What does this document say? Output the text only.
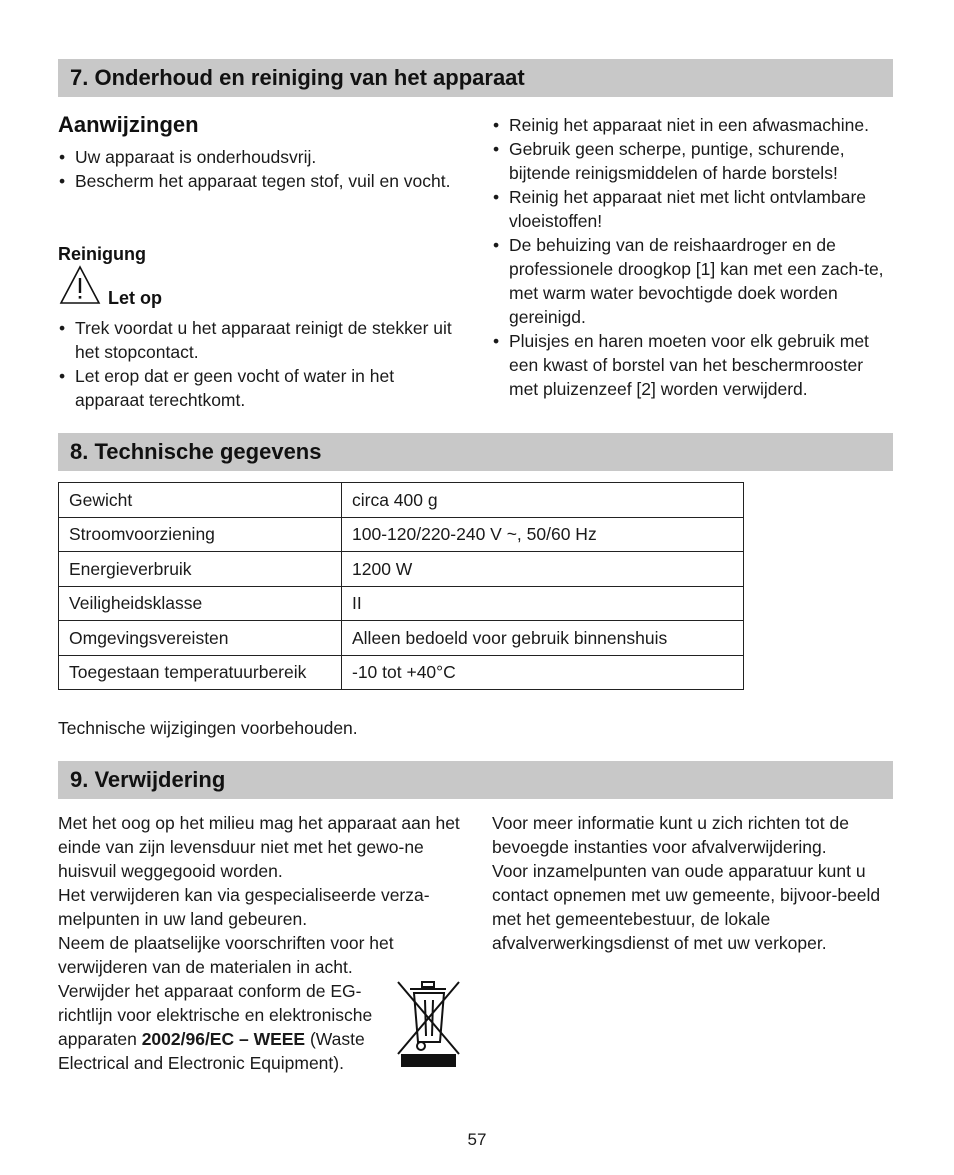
7. Onderhoud en reiniging van het apparaat
Aanwijzingen
• Uw apparaat is onderhoudsvrij.
• Bescherm het apparaat tegen stof, vuil en vocht.
Reinigung
Let op
• Trek voordat u het apparaat reinigt de stekker uit het stopcontact.
• Let erop dat er geen vocht of water in het apparaat terechtkomt.
• Reinig het apparaat niet in een afwasmachine.
• Gebruik geen scherpe, puntige, schurende, bijtende reinigsmiddelen of harde borstels!
• Reinig het apparaat niet met licht ontvlambare vloeistoffen!
• De behuizing van de reishaardroger en de professionele droogkop [1] kan met een zach-te, met warm water bevochtigde doek worden gereinigd.
• Pluisjes en haren moeten voor elk gebruik met een kwast of borstel van het beschermrooster met pluizenzeef [2] worden verwijderd.
8. Technische gegevens
Gewicht	circa 400 g
Stroomvoorziening	100-120/220-240 V ~, 50/60 Hz
Energieverbruik	1200 W
Veiligheidsklasse	II
Omgevingsvereisten	Alleen bedoeld voor gebruik binnenshuis
Toegestaan temperatuurbereik	-10 tot +40°C
Technische wijzigingen voorbehouden.
9. Verwijdering

Met het oog op het milieu mag het apparaat aan het einde van zijn levensduur niet met het gewo-ne huisvuil weggegooid worden.

Het verwijderen kan via gespecialiseerde verza-melpunten in uw land gebeuren.

Neem de plaatselijke voorschriften voor het verwijderen van de materialen in acht.

Verwijder het apparaat conform de EG-richtlijn voor elektrische en elektronische apparaten 2002/96/EC – WEEE (Waste Electrical and Electronic Equipment).

Voor meer informatie kunt u zich richten tot de bevoegde instanties voor afvalverwijdering.

Voor inzamelpunten van oude apparatuur kunt u contact opnemen met uw gemeente, bijvoor-beeld met het gemeentebestuur, de lokale afvalverwerkingsdienst of met uw verkoper.

57
